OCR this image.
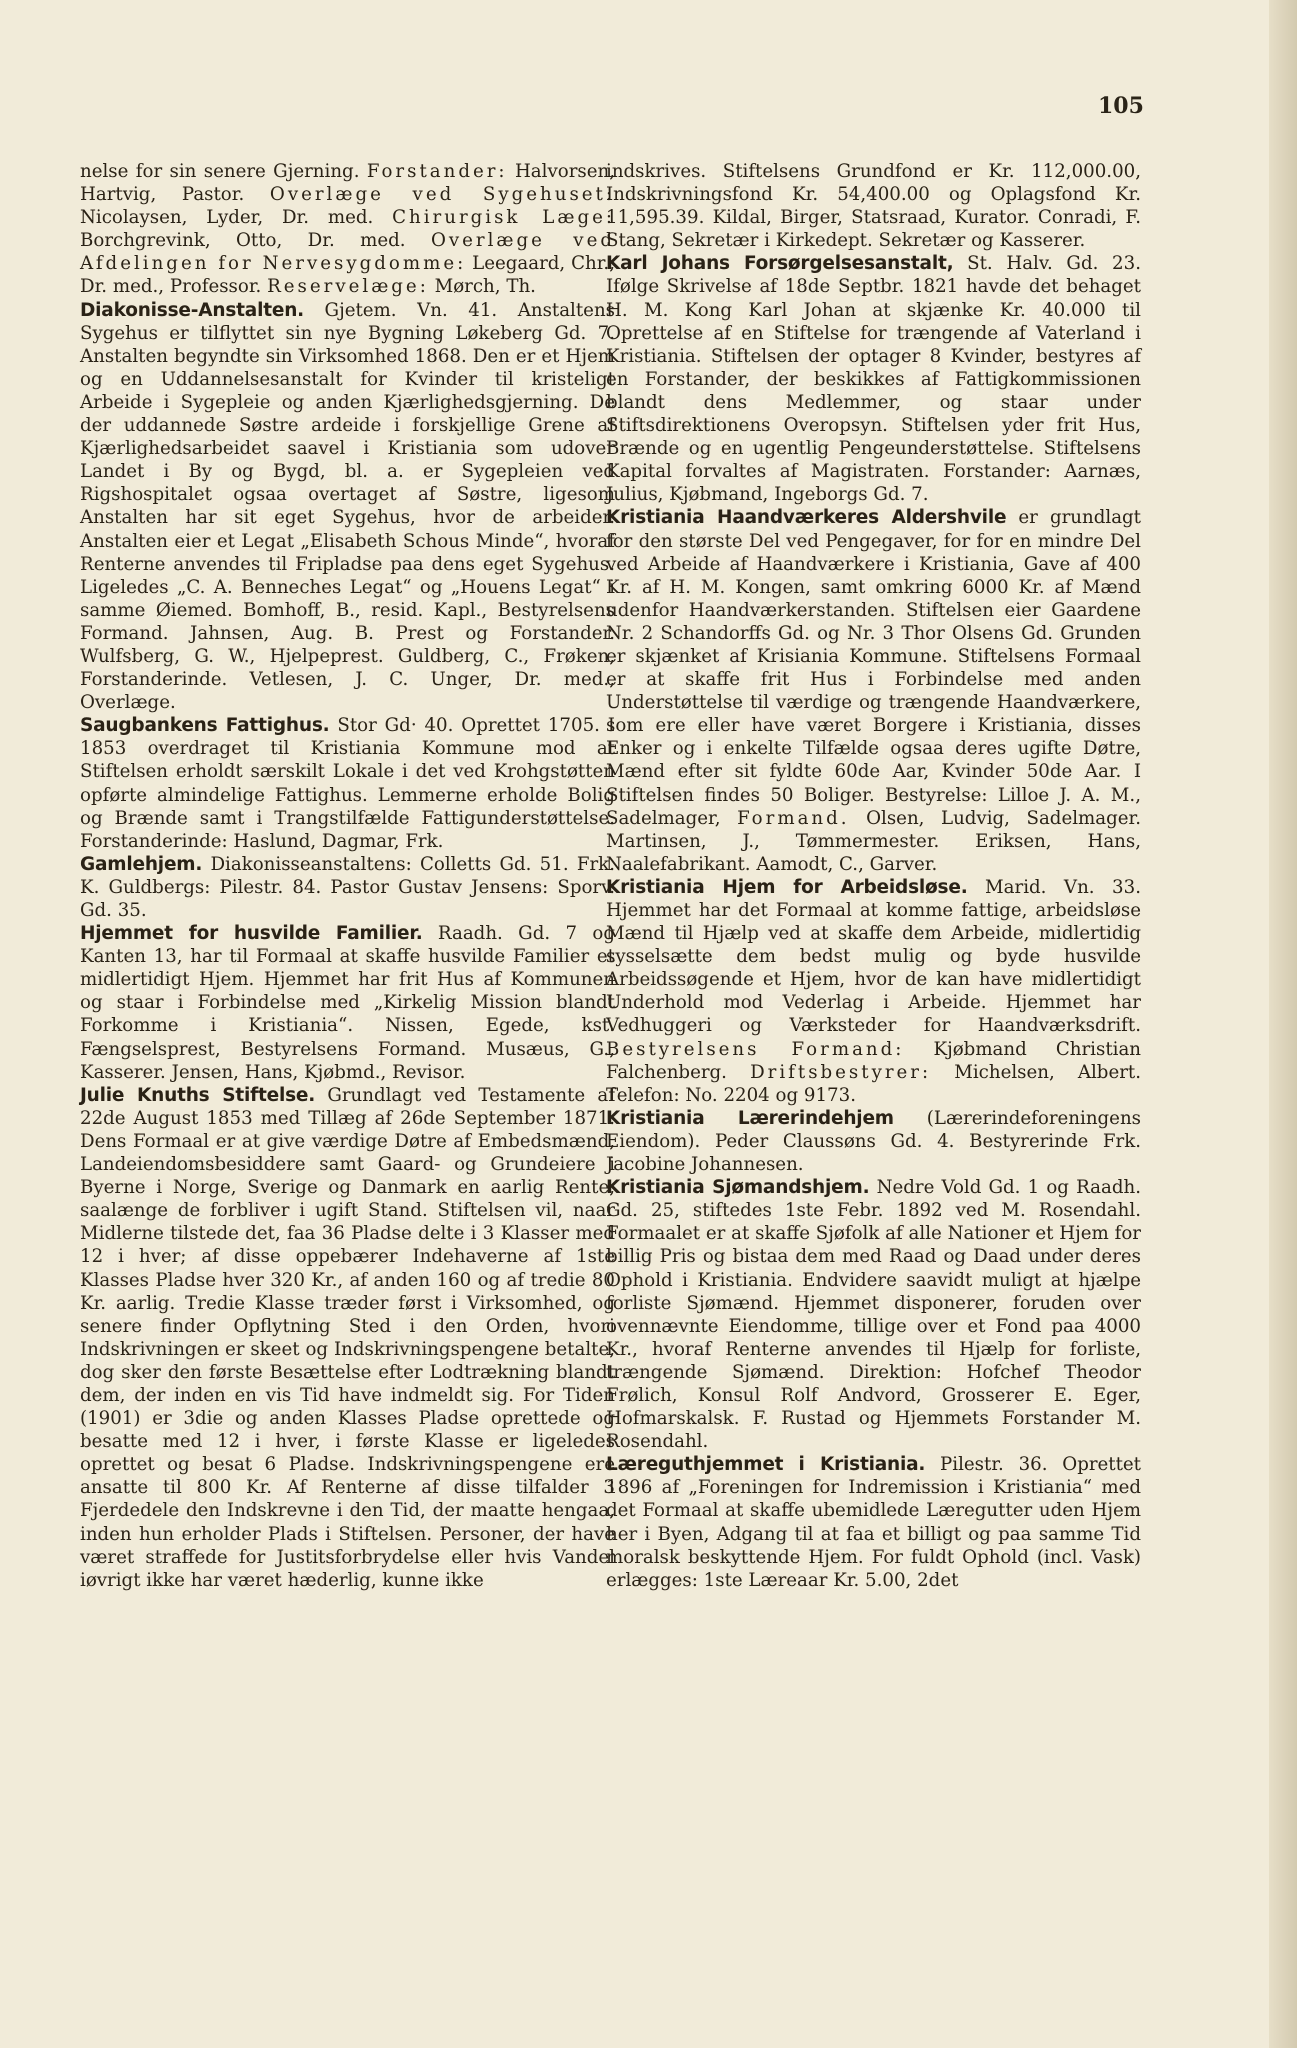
105

nelse for sin senere Gjerning. Forstander: Halvorsen, Hartvig, Pastor. Overlæge ved Sygehuset: Nicolaysen, Lyder, Dr. med. Chirurgisk Læge: Borchgrevink, Otto, Dr. med. Overlæge ved Afdelingen for Nervesygdomme: Leegaard, Chr., Dr. med., Professor. Reservelæge: Mørch, Th.

Diakonisse-Anstalten. Gjetem. Vn. 41. Anstaltens Sygehus er tilflyttet sin nye Bygning Løkeberg Gd. 7. Anstalten begyndte sin Virksomhed 1868. Den er et Hjem og en Uddannelsesanstalt for Kvinder til kristeligt Arbeide i Sygepleie og anden Kjærlighedsgjerning. De der uddannede Søstre ardeide i forskjellige Grene af Kjærlighedsarbeidet saavel i Kristiania som udover Landet i By og Bygd, bl. a. er Sygepleien ved Rigshospitalet ogsaa overtaget af Søstre, ligesom Anstalten har sit eget Sygehus, hvor de arbeider. Anstalten eier et Legat „Elisabeth Schous Minde“, hvoraf Renterne anvendes til Fripladse paa dens eget Sygehus. Ligeledes „C. A. Benneches Legat“ og „Houens Legat“ i samme Øiemed. Bomhoff, B., resid. Kapl., Bestyrelsens Formand. Jahnsen, Aug. B. Prest og Forstander. Wulfsberg, G. W., Hjelpeprest. Guldberg, C., Frøken, Forstanderinde. Vetlesen, J. C. Unger, Dr. med., Overlæge.

Saugbankens Fattighus. Stor Gd· 40. Oprettet 1705. I 1853 overdraget til Kristiania Kommune mod at Stiftelsen erholdt særskilt Lokale i det ved Krohgstøtten opførte almindelige Fattighus. Lemmerne erholde Bolig og Brænde samt i Trangstilfælde Fattigunderstøttelse. Forstanderinde: Haslund, Dagmar, Frk.

Gamlehjem. Diakonisseanstaltens: Colletts Gd. 51. Frk. K. Guldbergs: Pilestr. 84. Pastor Gustav Jensens: Sporv. Gd. 35.

Hjemmet for husvilde Familier. Raadh. Gd. 7 og Kanten 13, har til Formaal at skaffe husvilde Familier et midlertidigt Hjem. Hjemmet har frit Hus af Kommunen og staar i Forbindelse med „Kirkelig Mission blandt Forkomme i Kristiania“. Nissen, Egede, kst. Fængselsprest, Bestyrelsens Formand. Musæus, G., Kasserer. Jensen, Hans, Kjøbmd., Revisor.

Julie Knuths Stiftelse. Grundlagt ved Testamente af 22de August 1853 med Tillæg af 26de September 1871. Dens Formaal er at give værdige Døtre af Embedsmænd, Landeiendomsbesiddere samt Gaard- og Grundeiere i Byerne i Norge, Sverige og Danmark en aarlig Rente, saalænge de forbliver i ugift Stand. Stiftelsen vil, naar Midlerne tilstede det, faa 36 Pladse delte i 3 Klasser med 12 i hver; af disse oppebærer Indehaverne af 1ste Klasses Pladse hver 320 Kr., af anden 160 og af tredie 80 Kr. aarlig. Tredie Klasse træder først i Virksomhed, og senere finder Opflytning Sted i den Orden, hvori Indskrivningen er skeet og Indskrivningspengene betalte, dog sker den første Besættelse efter Lodtrækning blandt dem, der inden en vis Tid have indmeldt sig. For Tiden (1901) er 3die og anden Klasses Pladse oprettede og besatte med 12 i hver, i første Klasse er ligeledes oprettet og besat 6 Pladse. Indskrivningspengene ere ansatte til 800 Kr. Af Renterne af disse tilfalder 3 Fjerdedele den Indskrevne i den Tid, der maatte hengaa, inden hun erholder Plads i Stiftelsen. Personer, der have været straffede for Justitsforbrydelse eller hvis Vandel iøvrigt ikke har været hæderlig, kunne ikke

indskrives. Stiftelsens Grundfond er Kr. 112,000.00, Indskrivningsfond Kr. 54,400.00 og Oplagsfond Kr. 11,595.39. Kildal, Birger, Statsraad, Kurator. Conradi, F. Stang, Sekretær i Kirkedept. Sekretær og Kasserer.

Karl Johans Forsørgelsesanstalt, St. Halv. Gd. 23. Ifølge Skrivelse af 18de Septbr. 1821 havde det behaget H. M. Kong Karl Johan at skjænke Kr. 40.000 til Oprettelse af en Stiftelse for trængende af Vaterland i Kristiania. Stiftelsen der optager 8 Kvinder, bestyres af en Forstander, der beskikkes af Fattigkommissionen blandt dens Medlemmer, og staar under Stiftsdirektionens Overopsyn. Stiftelsen yder frit Hus, Brænde og en ugentlig Pengeunderstøttelse. Stiftelsens Kapital forvaltes af Magistraten. Forstander: Aarnæs, Julius, Kjøbmand, Ingeborgs Gd. 7.

Kristiania Haandværkeres Aldershvile er grundlagt for den største Del ved Pengegaver, for for en mindre Del ved Arbeide af Haandværkere i Kristiania, Gave af 400 Kr. af H. M. Kongen, samt omkring 6000 Kr. af Mænd udenfor Haandværkerstanden. Stiftelsen eier Gaardene Nr. 2 Schandorffs Gd. og Nr. 3 Thor Olsens Gd. Grunden er skjænket af Krisiania Kommune. Stiftelsens Formaal er at skaffe frit Hus i Forbindelse med anden Understøttelse til værdige og trængende Haandværkere, som ere eller have været Borgere i Kristiania, disses Enker og i enkelte Tilfælde ogsaa deres ugifte Døtre, Mænd efter sit fyldte 60de Aar, Kvinder 50de Aar. I Stiftelsen findes 50 Boliger. Bestyrelse: Lilloe J. A. M., Sadelmager, Formand. Olsen, Ludvig, Sadelmager. Martinsen, J., Tømmermester. Eriksen, Hans, Naalefabrikant. Aamodt, C., Garver.

Kristiania Hjem for Arbeidsløse. Marid. Vn. 33. Hjemmet har det Formaal at komme fattige, arbeidsløse Mænd til Hjælp ved at skaffe dem Arbeide, midlertidig sysselsætte dem bedst mulig og byde husvilde Arbeidssøgende et Hjem, hvor de kan have midlertidigt Underhold mod Vederlag i Arbeide. Hjemmet har Vedhuggeri og Værksteder for Haandværksdrift. Bestyrelsens Formand: Kjøbmand Christian Falchenberg. Driftsbestyrer: Michelsen, Albert. Telefon: No. 2204 og 9173.

Kristiania Lærerindehjem (Lærerindeforeningens Eiendom). Peder Claussøns Gd. 4. Bestyrerinde Frk. Jacobine Johannesen.

Kristiania Sjømandshjem. Nedre Vold Gd. 1 og Raadh. Gd. 25, stiftedes 1ste Febr. 1892 ved M. Rosendahl. Formaalet er at skaffe Sjøfolk af alle Nationer et Hjem for billig Pris og bistaa dem med Raad og Daad under deres Ophold i Kristiania. Endvidere saavidt muligt at hjælpe forliste Sjømænd. Hjemmet disponerer, foruden over ovennævnte Eiendomme, tillige over et Fond paa 4000 Kr., hvoraf Renterne anvendes til Hjælp for forliste, trængende Sjømænd. Direktion: Hofchef Theodor Frølich, Konsul Rolf Andvord, Grosserer E. Eger, Hofmarskalsk. F. Rustad og Hjemmets Forstander M. Rosendahl.

Læreguthjemmet i Kristiania. Pilestr. 36. Oprettet 1896 af „Foreningen for Indremission i Kristiania“ med det Formaal at skaffe ubemidlede Læregutter uden Hjem her i Byen, Adgang til at faa et billigt og paa samme Tid moralsk beskyttende Hjem. For fuldt Ophold (incl. Vask) erlægges: 1ste Læreaar Kr. 5.00, 2det
